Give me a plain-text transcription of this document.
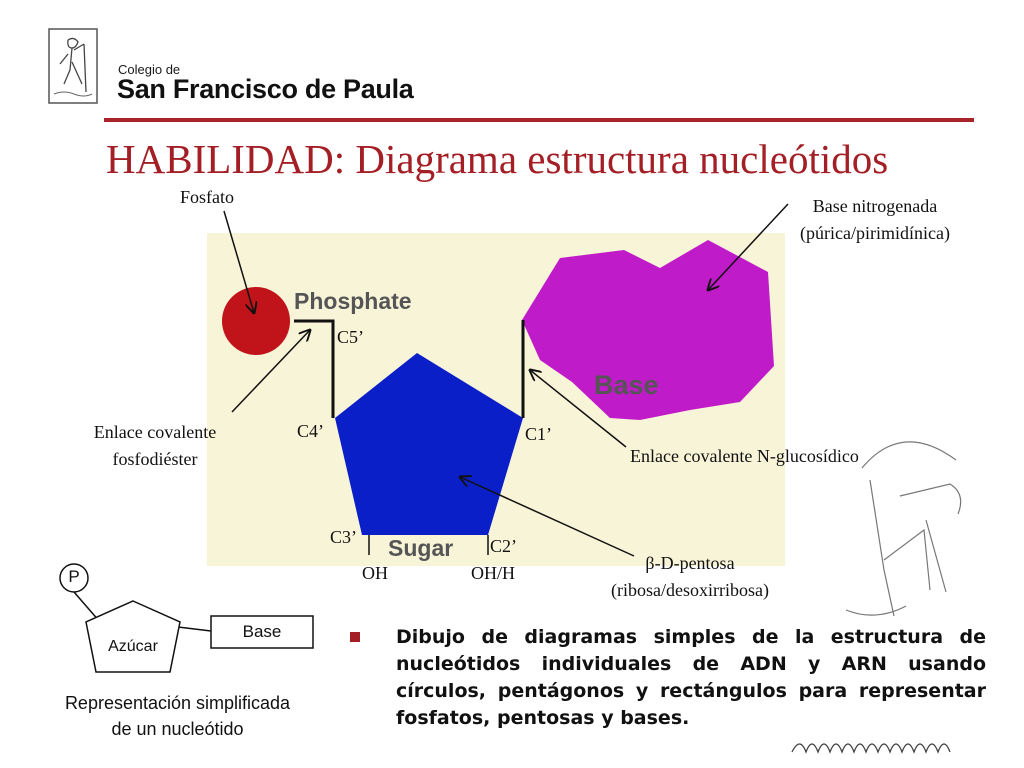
Colegio de
San Francisco de Paula
HABILIDAD: Diagrama estructura nucleótidos
Phosphate
Sugar
Base
C5’
C4’	C1’
C3’	C2’
OH	OH/H
Fosfato	Base nitrogenada
(púrica/pirimidínica)
Enlace covalente
fosfodiéster	Enlace covalente N-glucosídico
β-D-pentosa
(ribosa/desoxirribosa)
P
Azúcar
Base
Representación simplificada
de un nucleótido
Dibujo de diagramas simples de la estructura de nucleótidos individuales de ADN y ARN usando círculos, pentágonos y rectángulos para representar fosfatos, pentosas y bases.
